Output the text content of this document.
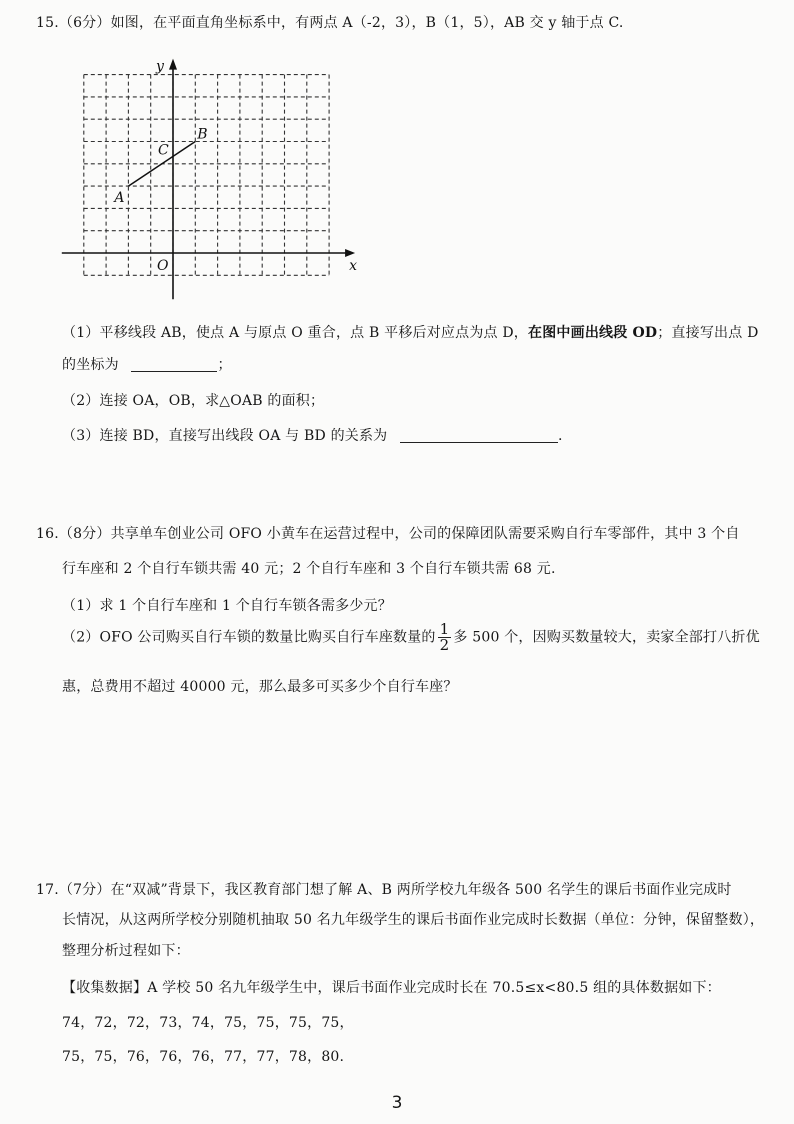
15.（6分）如图，在平面直角坐标系中，有两点 A（-2，3），B（1，5），AB 交 y 轴于点 C.
y
x
O
A
B
C
（1）平移线段 AB，使点 A 与原点 O 重合，点 B 平移后对应点为点 D，在图中画出线段 OD；直接写出点 D
的坐标为	；
（2）连接 OA，OB，求△OAB 的面积；
（3）连接 BD，直接写出线段 OA 与 BD 的关系为	.
16.（8分）共享单车创业公司 OFO 小黄车在运营过程中，公司的保障团队需要采购自行车零部件，其中 3 个自
行车座和 2 个自行车锁共需 40 元；2 个自行车座和 3 个自行车锁共需 68 元.
（1）求 1 个自行车座和 1 个自行车锁各需多少元？
（2）OFO 公司购买自行车锁的数量比购买自行车座数量的 $\frac{1}{2}$ 多 500 个，因购买数量较大，卖家全部打八折优
惠，总费用不超过 40000 元，那么最多可买多少个自行车座？
17.（7分）在“双减”背景下，我区教育部门想了解 A、B 两所学校九年级各 500 名学生的课后书面作业完成时
长情况，从这两所学校分别随机抽取 50 名九年级学生的课后书面作业完成时长数据（单位：分钟，保留整数），
整理分析过程如下：
【收集数据】A 学校 50 名九年级学生中，课后书面作业完成时长在 70.5≤x<80.5 组的具体数据如下：
74，72，72，73，74，75，75，75，75，
75，75，76，76，76，77，77，78，80.
3
